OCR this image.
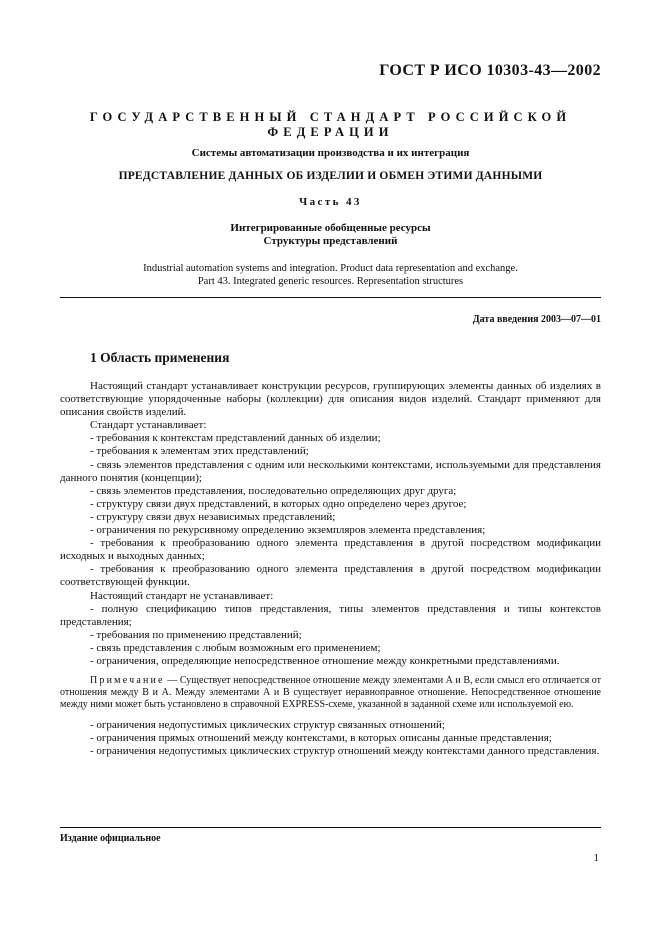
ГОСТ Р ИСО 10303-43—2002
ГОСУДАРСТВЕННЫЙ СТАНДАРТ РОССИЙСКОЙ ФЕДЕРАЦИИ
Системы автоматизации производства и их интеграция
ПРЕДСТАВЛЕНИЕ ДАННЫХ ОБ ИЗДЕЛИИ И ОБМЕН ЭТИМИ ДАННЫМИ
Часть 43
Интегрированные обобщенные ресурсы
Структуры представлений
Industrial automation systems and integration. Product data representation and exchange.
Part 43. Integrated generic resources. Representation structures
Дата введения 2003—07—01
1 Область применения

Настоящий стандарт устанавливает конструкции ресурсов, группирующих элементы данных об изделиях в соответствующие упорядоченные наборы (коллекции) для описания видов изделий. Стандарт применяют для описания свойств изделий.

Стандарт устанавливает:

- требования к контекстам представлений данных об изделии;

- требования к элементам этих представлений;

- связь элементов представления с одним или несколькими контекстами, используемыми для представления данного понятия (концепции);

- связь элементов представления, последовательно определяющих друг друга;

- структуру связи двух представлений, в которых одно определено через другое;

- структуру связи двух независимых представлений;

- ограничения по рекурсивному определению экземпляров элемента представления;

- требования к преобразованию одного элемента представления в другой посредством модификации исходных и выходных данных;

- требования к преобразованию одного элемента представления в другой посредством модификации соответствующей функции.

Настоящий стандарт не устанавливает:

- полную спецификацию типов представления, типы элементов представления и типы контекстов представления;

- требования по применению представлений;

- связь представления с любым возможным его применением;

- ограничения, определяющие непосредственное отношение между конкретными представлениями.

Примечание — Существует непосредственное отношение между элементами А и В, если смысл его отличается от отношения между В и А. Между элементами А и В существует неравноправное отношение. Непосредственное отношение между ними может быть установлено в справочной EXPRESS-схеме, указанной в заданной схеме или используемой ею.

- ограничения недопустимых циклических структур связанных отношений;

- ограничения прямых отношений между контекстами, в которых описаны данные представления;

- ограничения недопустимых циклических структур отношений между контекстами данного представления.

Издание официальное
1
